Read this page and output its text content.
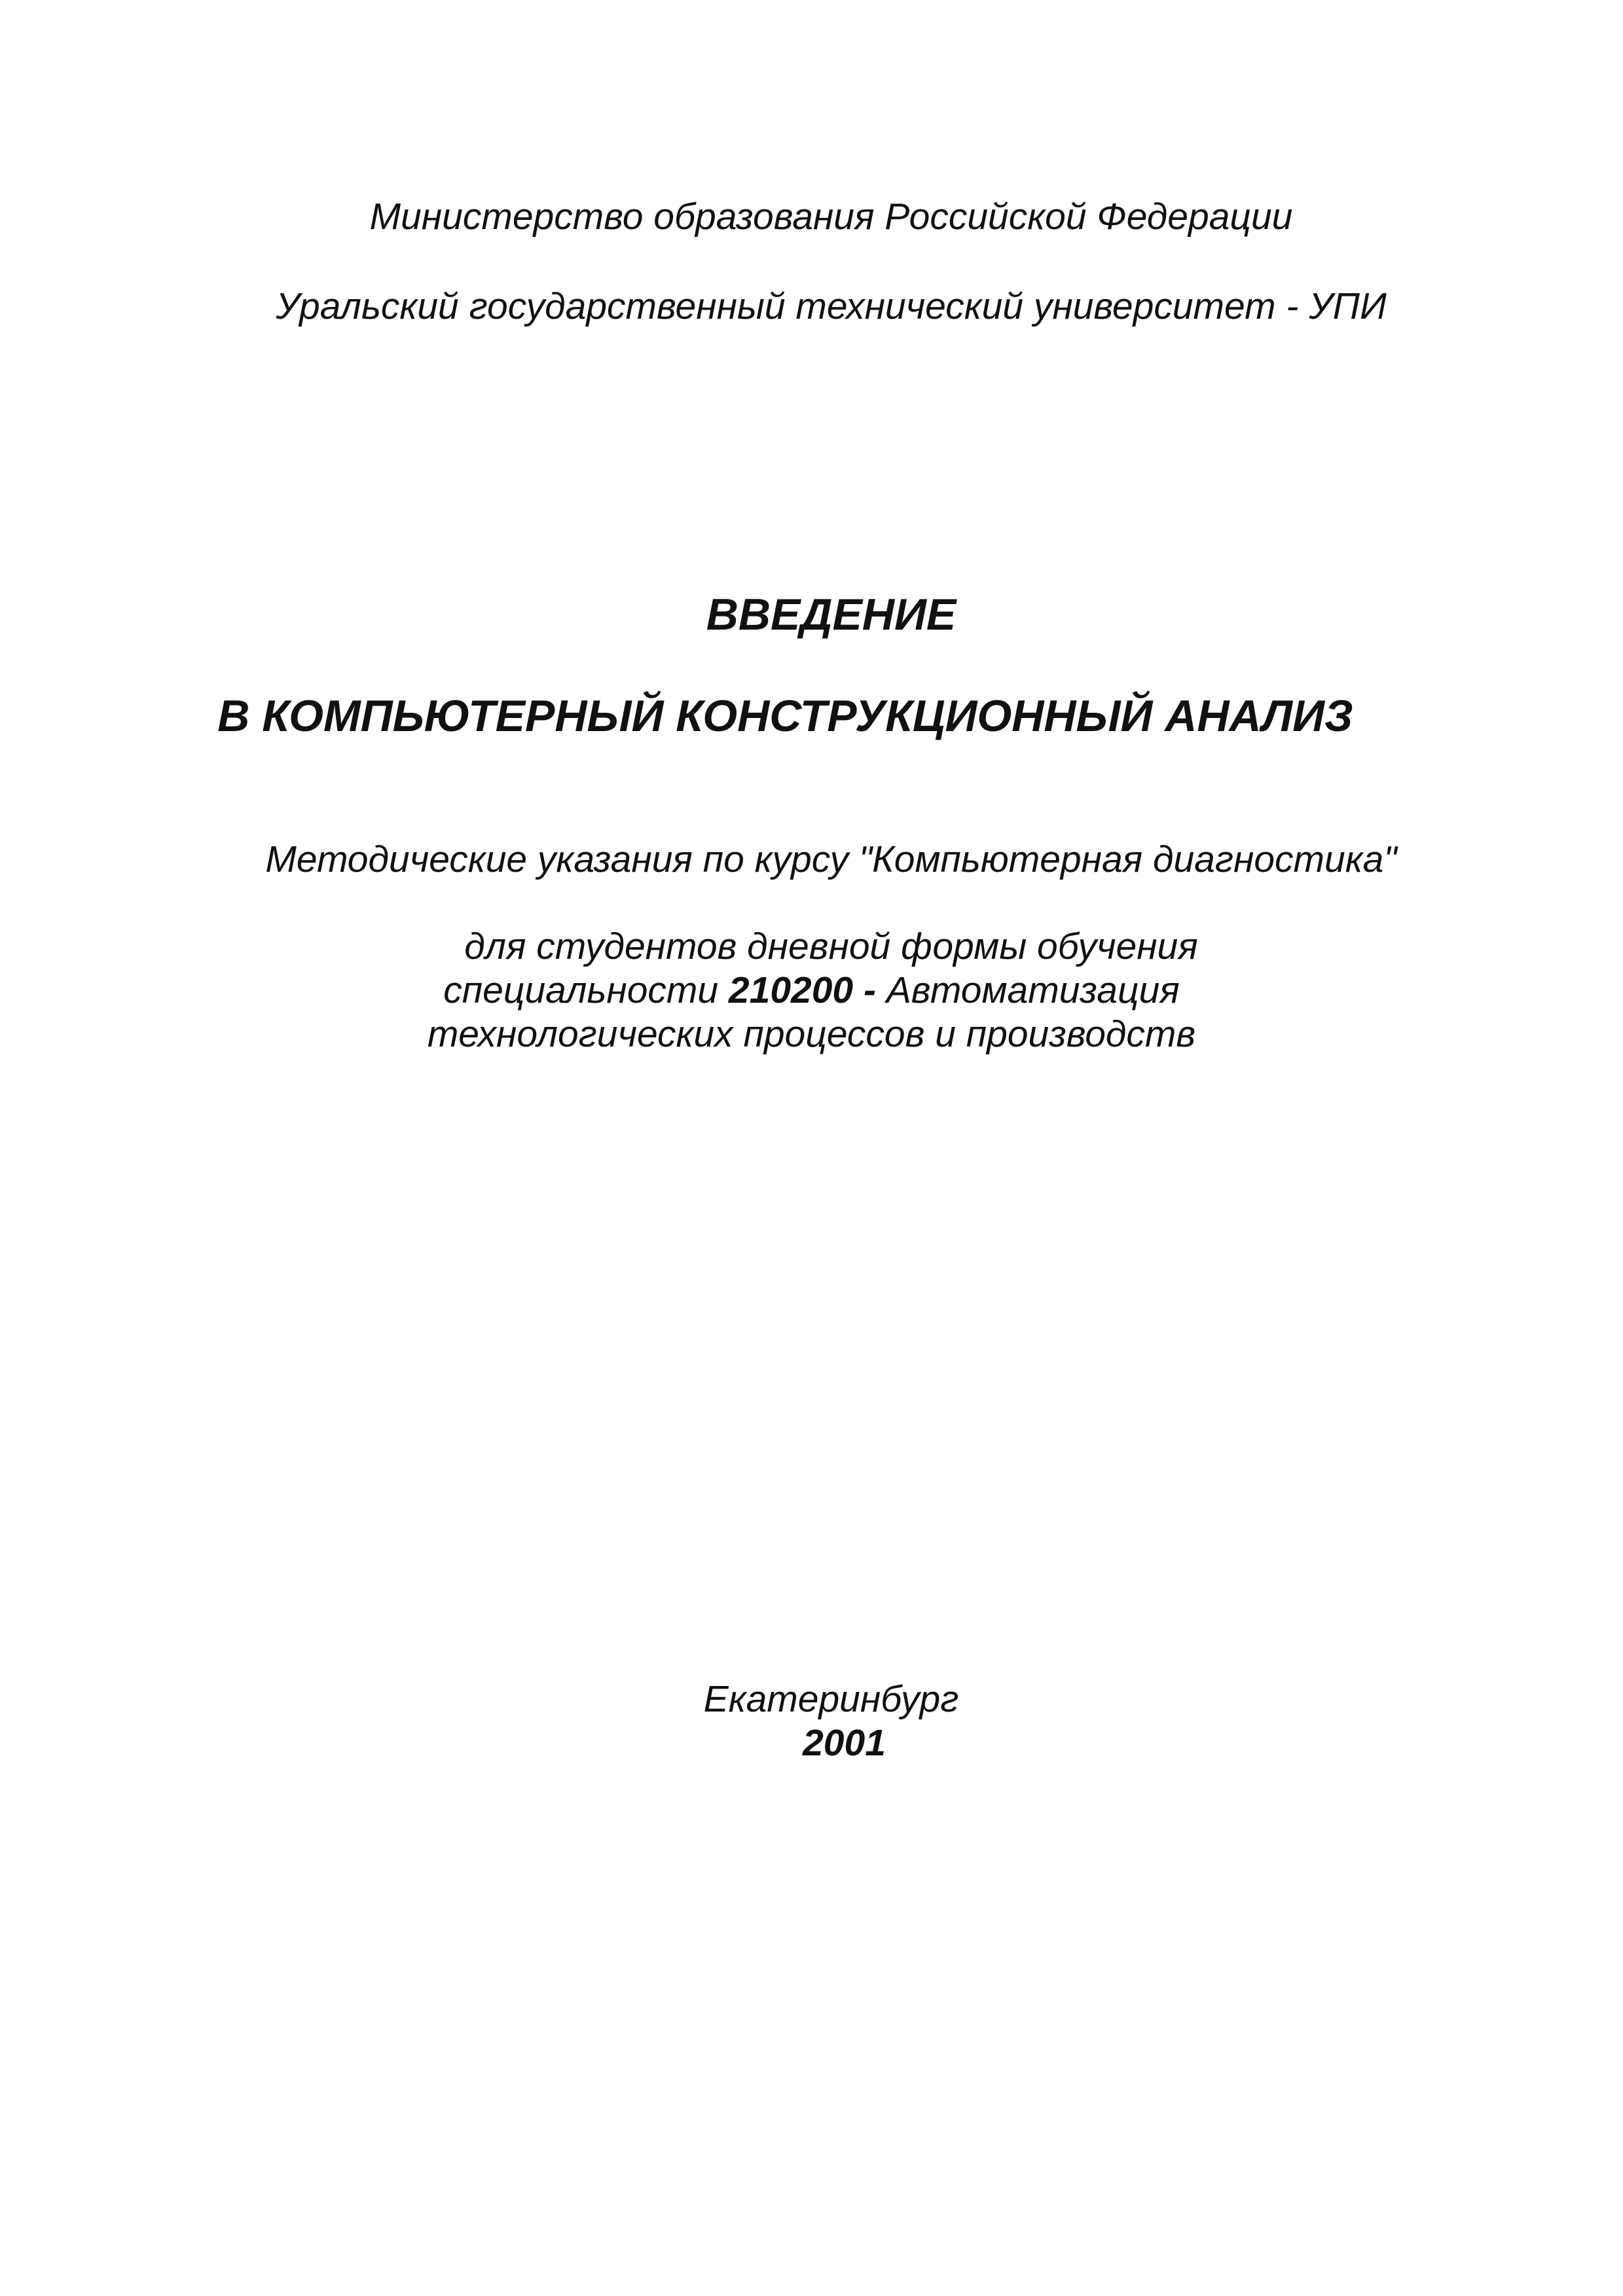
Министерство образования Российской Федерации
Уральский государственный технический университет - УПИ
ВВЕДЕНИЕ
В КОМПЬЮТЕРНЫЙ КОНСТРУКЦИОННЫЙ АНАЛИЗ
Методические указания по курсу "Компьютерная диагностика"
для студентов дневной формы обучения
специальности 210200 - Автоматизация
технологических процессов и производств
Екатеринбург
2001
